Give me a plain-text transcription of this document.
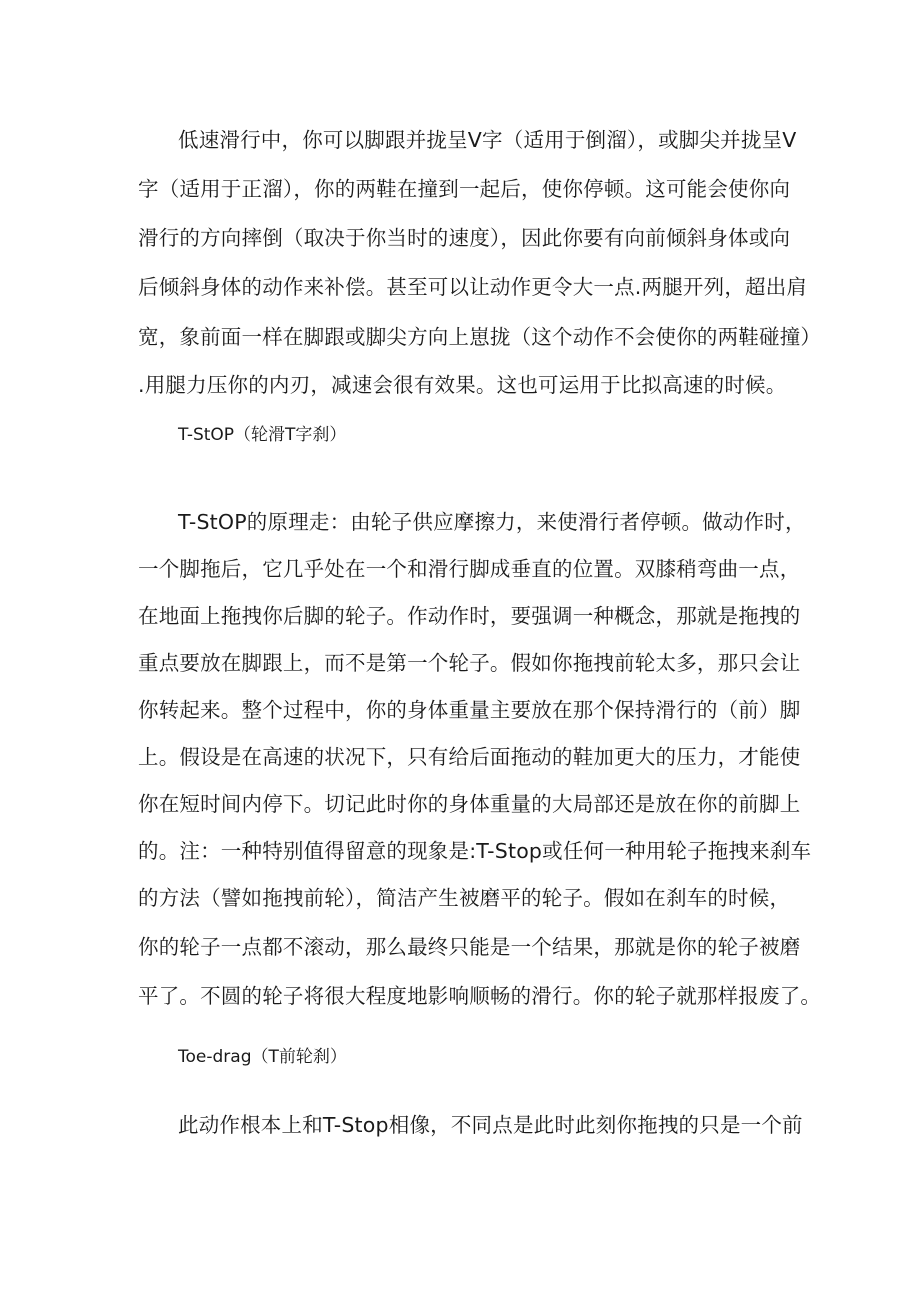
低速滑行中，你可以脚跟并拢呈V字（适用于倒溜），或脚尖并拢呈V
字（适用于正溜），你的两鞋在撞到一起后，使你停顿。这可能会使你向
滑行的方向摔倒（取决于你当时的速度），因此你要有向前倾斜身体或向
后倾斜身体的动作来补偿。甚至可以让动作更令大一点.两腿开列，超出肩
宽，象前面一样在脚跟或脚尖方向上崽拢（这个动作不会使你的两鞋碰撞）
.用腿力压你的内刃，减速会很有效果。这也可运用于比拟高速的时候。
T-StOP（轮滑T字刹）
T-StOP的原理走：由轮子供应摩擦力，来使滑行者停顿。做动作时，
一个脚拖后，它几乎处在一个和滑行脚成垂直的位置。双膝稍弯曲一点，
在地面上拖拽你后脚的轮子。作动作时，要强调一种概念，那就是拖拽的
重点要放在脚跟上，而不是第一个轮子。假如你拖拽前轮太多，那只会让
你转起来。整个过程中，你的身体重量主要放在那个保持滑行的（前）脚
上。假设是在高速的状况下，只有给后面拖动的鞋加更大的压力，才能使
你在短时间内停下。切记此时你的身体重量的大局部还是放在你的前脚上
的。注：一种特别值得留意的现象是:T-Stop或任何一种用轮子拖拽来刹车
的方法（譬如拖拽前轮），简洁产生被磨平的轮子。假如在刹车的时候，
你的轮子一点都不滚动，那么最终只能是一个结果，那就是你的轮子被磨
平了。不圆的轮子将很大程度地影响顺畅的滑行。你的轮子就那样报废了。
Toe-drag（T前轮刹）
此动作根本上和T-Stop相像，不同点是此时此刻你拖拽的只是一个前
